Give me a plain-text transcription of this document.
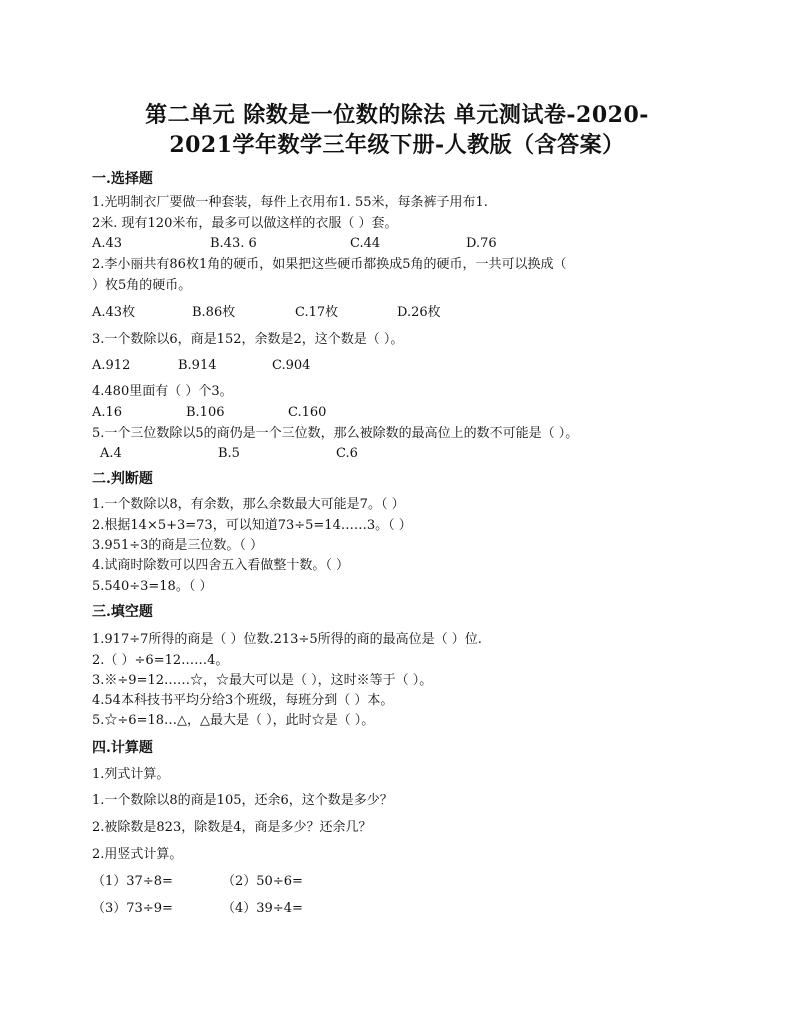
第二单元 除数是一位数的除法 单元测试卷-2020-
2021学年数学三年级下册-人教版（含答案）
一.选择题
1.光明制衣厂要做一种套装，每件上衣用布1. 55米，每条裤子用布1.
2米. 现有120米布，最多可以做这样的衣服（ ）套。
A.43	B.43. 6	C.44	D.76
2.李小丽共有86枚1角的硬币，如果把这些硬币都换成5角的硬币，一共可以换成（
）枚5角的硬币。
A.43枚	B.86枚	C.17枚	D.26枚
3.一个数除以6，商是152，余数是2，这个数是（ ）。
A.912	B.914	C.904
4.480里面有（ ）个3。
A.16	B.106	C.160
5.一个三位数除以5的商仍是一个三位数，那么被除数的最高位上的数不可能是（ ）。
A.4	B.5	C.6
二.判断题
1.一个数除以8，有余数，那么余数最大可能是7。（ ）
2.根据14×5+3=73，可以知道73÷5=14……3。（ ）
3.951÷3的商是三位数。（ ）
4.试商时除数可以四舍五入看做整十数。（ ）
5.540÷3=18。（ ）
三.填空题
1.917÷7所得的商是（ ）位数.213÷5所得的商的最高位是（ ）位.
2.（ ）÷6=12……4。
3.※÷9=12……☆，☆最大可以是（ ），这时※等于（ ）。
4.54本科技书平均分给3个班级，每班分到（ ）本。
5.☆÷6=18…△，△最大是（ ），此时☆是（ ）。
四.计算题
1.列式计算。
1.一个数除以8的商是105，还余6，这个数是多少？
2.被除数是823，除数是4，商是多少？还余几？
2.用竖式计算。
（1）37÷8=	（2）50÷6=
（3）73÷9=	（4）39÷4=
